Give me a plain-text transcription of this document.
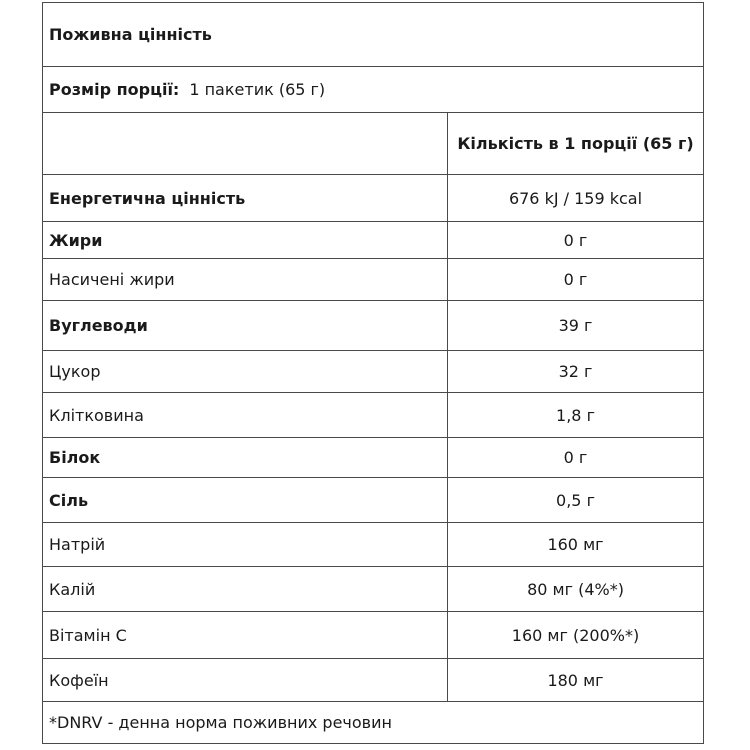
Поживна цінність
Розмір порції: 1 пакетик (65 г)
Кількість в 1 порції (65 г)
Енергетична цінність	676 kJ / 159 kcal
Жири	0 г
Насичені жири	0 г
Вуглеводи	39 г
Цукор	32 г
Клітковина	1,8 г
Білок	0 г
Сіль	0,5 г
Натрій	160 мг
Калій	80 мг (4%*)
Вітамін С	160 мг (200%*)
Кофеїн	180 мг
*DNRV - денна норма поживних речовин
